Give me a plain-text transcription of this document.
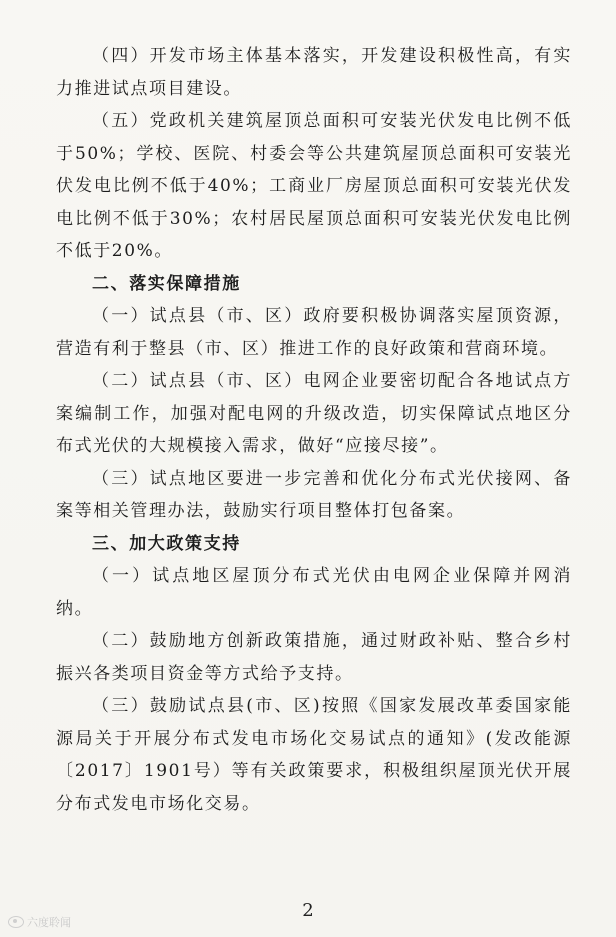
（四）开发市场主体基本落实，开发建设积极性高，有实力推进试点项目建设。

（五）党政机关建筑屋顶总面积可安装光伏发电比例不低于50%；学校、医院、村委会等公共建筑屋顶总面积可安装光伏发电比例不低于40%；工商业厂房屋顶总面积可安装光伏发电比例不低于30%；农村居民屋顶总面积可安装光伏发电比例不低于20%。

二、落实保障措施

（一）试点县（市、区）政府要积极协调落实屋顶资源，营造有利于整县（市、区）推进工作的良好政策和营商环境。

（二）试点县（市、区）电网企业要密切配合各地试点方案编制工作，加强对配电网的升级改造，切实保障试点地区分布式光伏的大规模接入需求，做好“应接尽接”。

（三）试点地区要进一步完善和优化分布式光伏接网、备案等相关管理办法，鼓励实行项目整体打包备案。

三、加大政策支持

（一）试点地区屋顶分布式光伏由电网企业保障并网消纳。

（二）鼓励地方创新政策措施，通过财政补贴、整合乡村振兴各类项目资金等方式给予支持。

（三）鼓励试点县(市、区)按照《国家发展改革委国家能源局关于开展分布式发电市场化交易试点的通知》(发改能源〔2017〕1901号）等有关政策要求，积极组织屋顶光伏开展分布式发电市场化交易。

2
六度聆闻
